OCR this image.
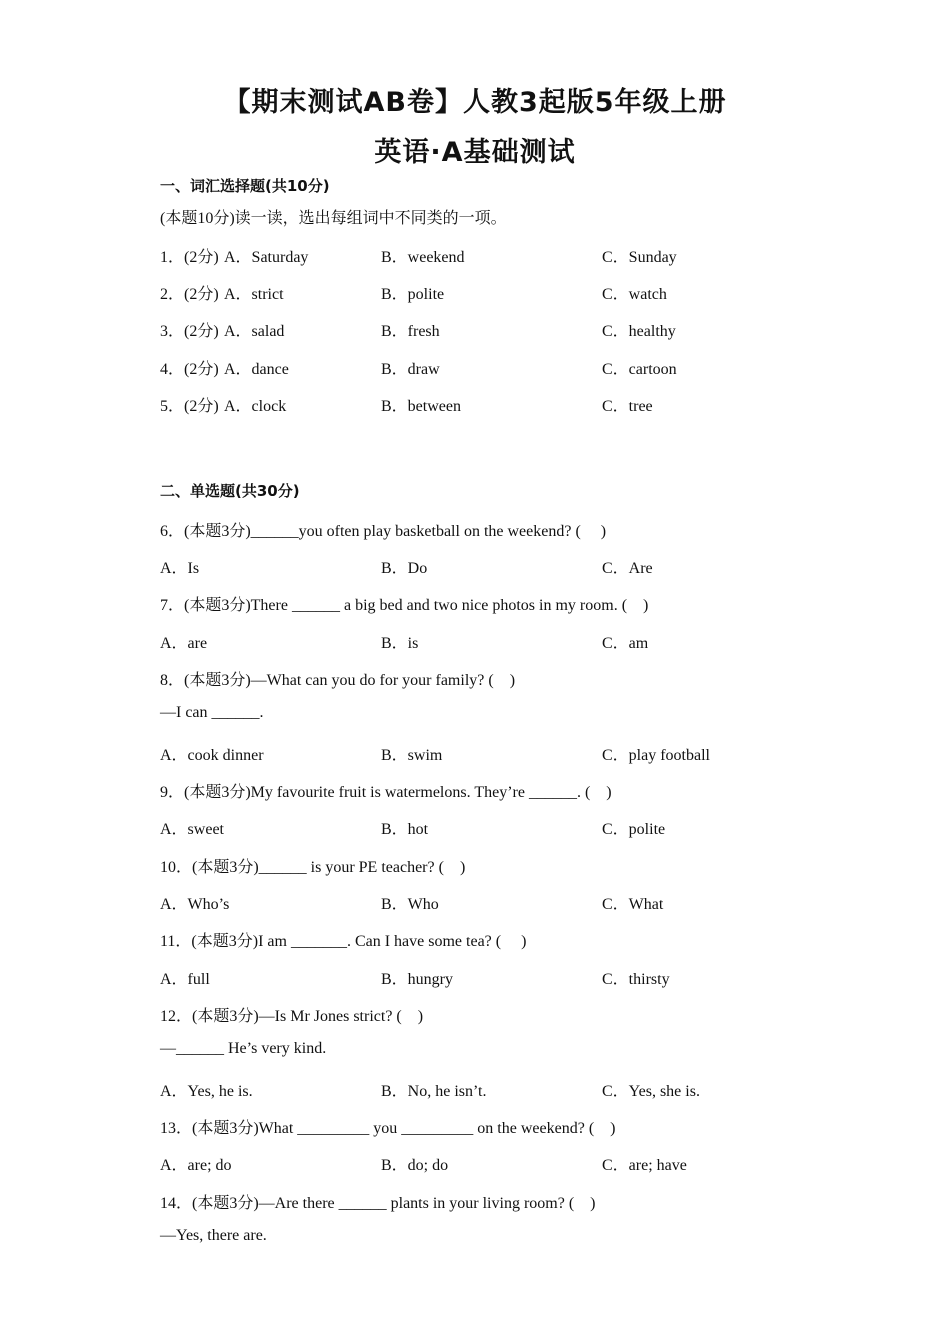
【期末测试AB卷】人教3起版5年级上册
英语·A基础测试

一、词汇选择题(共10分)

(本题10分)读一读，选出每组词中不同类的一项。

1．(2分) A．Saturday	B．weekend	C．Sunday
2．(2分) A．strict	B．polite	C．watch
3．(2分) A．salad	B．fresh	C．healthy
4．(2分) A．dance	B．draw	C．cartoon
5．(2分) A．clock	B．between	C．tree

二、单选题(共30分)

6．(本题3分)______you often play basketball on the weekend? (　 )

A．Is	B．Do	C．Are

7．(本题3分)There ______ a big bed and two nice photos in my room. (　)

A．are	B．is	C．am

8．(本题3分)—What can you do for your family? (　)

—I can ______.

A．cook dinner	B．swim	C．play football

9．(本题3分)My favourite fruit is watermelons. They’re ______. (　)

A．sweet	B．hot	C．polite

10．(本题3分)______ is your PE teacher? (　)

A．Who’s	B．Who	C．What

11．(本题3分)I am _______. Can I have some tea? (　 )

A．full	B．hungry	C．thirsty

12．(本题3分)—Is Mr Jones strict? (　)

—______ He’s very kind.

A．Yes, he is.	B．No, he isn’t.	C．Yes, she is.

13．(本题3分)What _________ you _________ on the weekend? (　)

A．are; do	B．do; do	C．are; have

14．(本题3分)—Are there ______ plants in your living room? (　)

—Yes, there are.
